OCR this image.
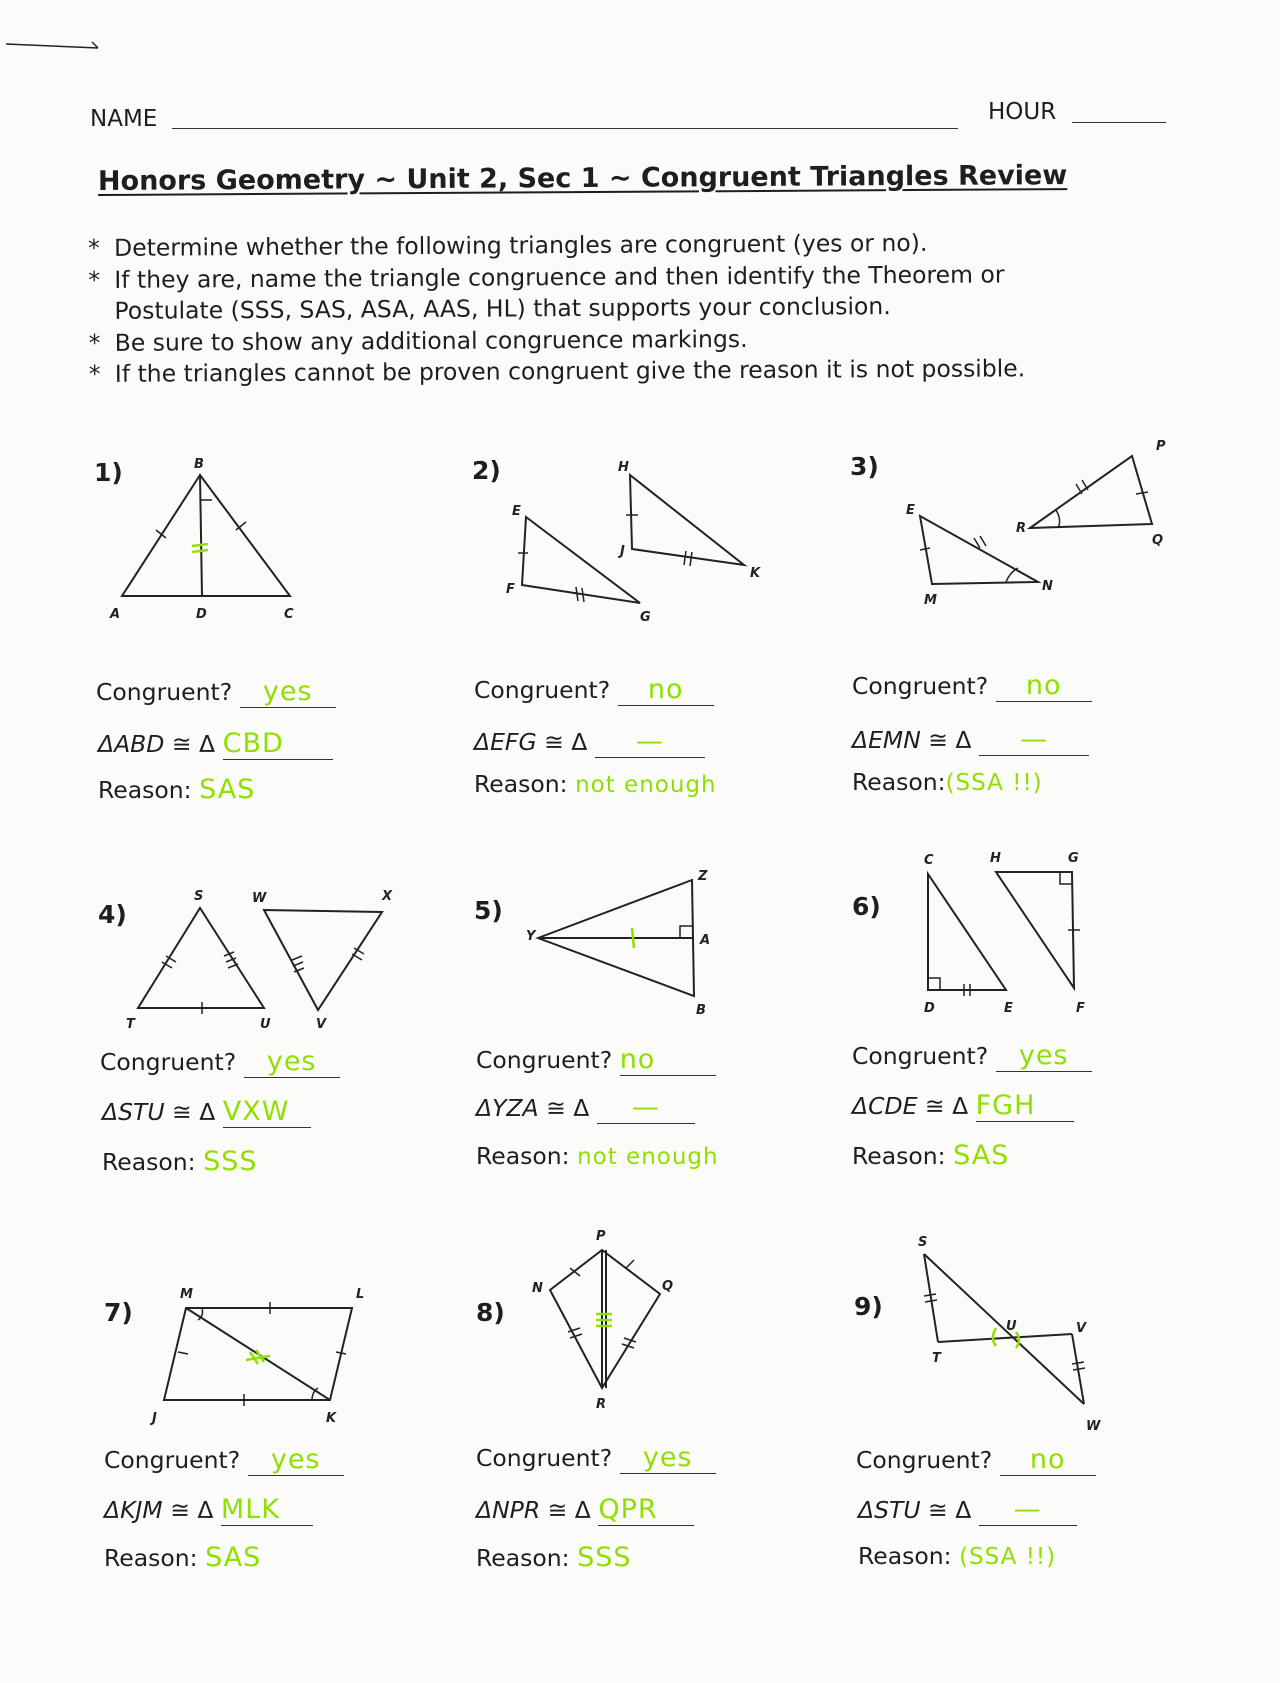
NAME	HOUR
Honors Geometry ~ Unit 2, Sec 1 ~ Congruent Triangles Review
* Determine whether the following triangles are congruent (yes or no).
* If they are, name the triangle congruence and then identify the Theorem or
Postulate (SSS, SAS, ASA, AAS, HL) that supports your conclusion.
* Be sure to show any additional congruence markings.
* If the triangles cannot be proven congruent give the reason it is not possible.
1)	B
A	D	C
Congruent? yes
ΔABD ≅ Δ CBD
Reason: SAS
2)	H
E
F
G
J
K
Congruent? no
ΔEFG ≅ Δ —
Reason: not enough
3)
P
E
R
Q
M
N
Congruent? no
ΔEMN ≅ Δ —
Reason:(SSA !!)
4)
S	W	X
T	U	V
Congruent? yes
ΔSTU ≅ Δ VXW
Reason: SSS
5)
Z
Y	A
B
Congruent? no
ΔYZA ≅ Δ —
Reason: not enough
6)
C	H	G
D	E	F
Congruent? yes
ΔCDE ≅ Δ FGH
Reason: SAS
7)
M	L
J	K
Congruent? yes
ΔKJM ≅ Δ MLK
Reason: SAS
8)
P
N	Q
R
Congruent? yes
ΔNPR ≅ Δ QPR
Reason: SSS
9)
S
U	V
T
W
Congruent? no
ΔSTU ≅ Δ —
Reason: (SSA !!)
